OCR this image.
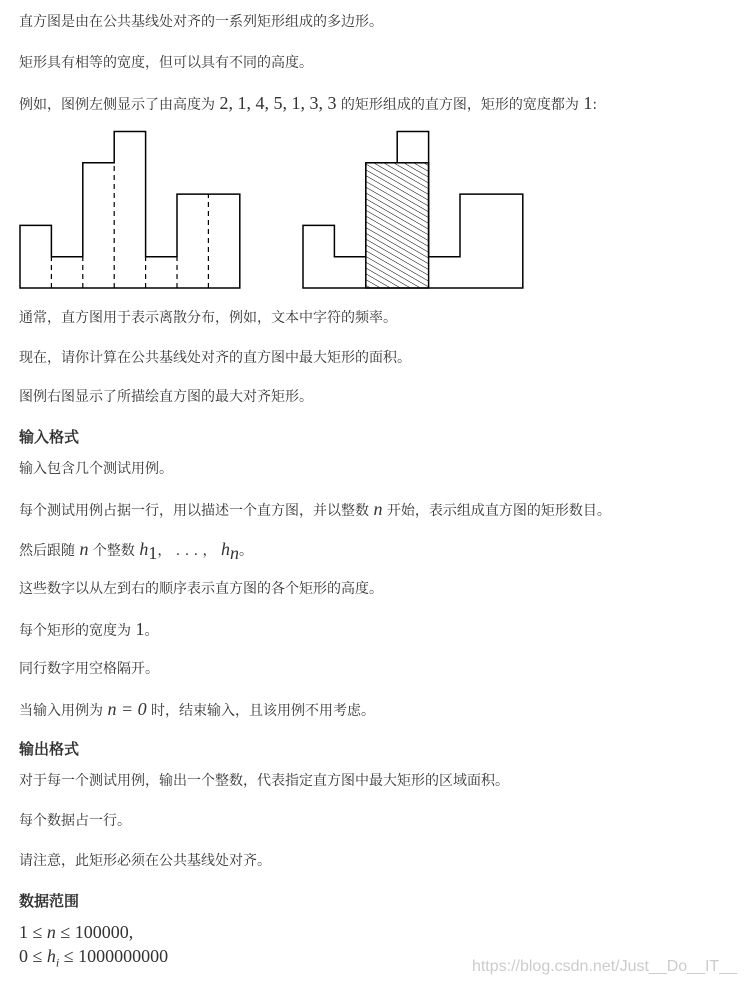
直方图是由在公共基线处对齐的一系列矩形组成的多边形。
矩形具有相等的宽度，但可以具有不同的高度。
例如，图例左侧显示了由高度为 2, 1, 4, 5, 1, 3, 3 的矩形组成的直方图，矩形的宽度都为 1:
通常，直方图用于表示离散分布，例如，文本中字符的频率。
现在，请你计算在公共基线处对齐的直方图中最大矩形的面积。
图例右图显示了所描绘直方图的最大对齐矩形。
输入格式
输入包含几个测试用例。
每个测试用例占据一行，用以描述一个直方图，并以整数 n 开始，表示组成直方图的矩形数目。
然后跟随 n 个整数 $h_1$， . . . ， $h_n$。
这些数字以从左到右的顺序表示直方图的各个矩形的高度。
每个矩形的宽度为 1。
同行数字用空格隔开。
当输入用例为 n = 0 时，结束输入，且该用例不用考虑。
输出格式
对于每一个测试用例，输出一个整数，代表指定直方图中最大矩形的区域面积。
每个数据占一行。
请注意，此矩形必须在公共基线处对齐。
数据范围
1 ≤ n ≤ 100000,
$0 \le h_i \le 1000000000$
https://blog.csdn.net/Just__Do__IT__
